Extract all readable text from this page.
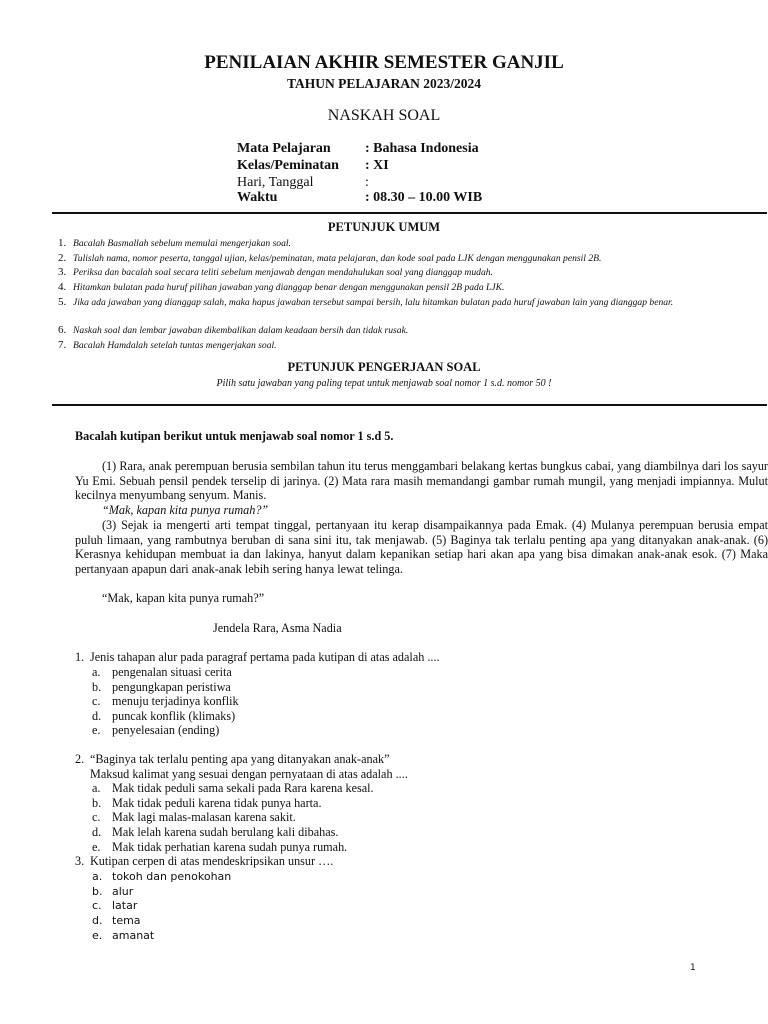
PENILAIAN AKHIR SEMESTER GANJIL
TAHUN PELAJARAN 2023/2024
NASKAH SOAL
Mata Pelajaran : Bahasa Indonesia
Kelas/Peminatan : XI
Hari, Tanggal	:
Waktu	: 08.30 – 10.00 WIB
PETUNJUK UMUM
1. Bacalah Basmallah sebelum memulai mengerjakan soal.
2. Tulislah nama, nomor peserta, tanggal ujian, kelas/peminatan, mata pelajaran, dan kode soal pada LJK dengan menggunakan pensil 2B.
3. Periksa dan bacalah soal secara teliti sebelum menjawab dengan mendahulukan soal yang dianggap mudah.
4. Hitamkan bulatan pada huruf pilihan jawaban yang dianggap benar dengan menggunakan pensil 2B pada LJK.
5. Jika ada jawaban yang dianggap salah, maka hapus jawaban tersebut sampai bersih, lalu hitamkan bulatan pada huruf jawaban lain yang dianggap benar.
6. Naskah soal dan lembar jawaban dikembalikan dalam keadaan bersih dan tidak rusak.
7. Bacalah Hamdalah setelah tuntas mengerjakan soal.
PETUNJUK PENGERJAAN SOAL
Pilih satu jawaban yang paling tepat untuk menjawab soal nomor 1 s.d. nomor 50 !
Bacalah kutipan berikut untuk menjawab soal nomor 1 s.d 5.
(1) Rara, anak perempuan berusia sembilan tahun itu terus menggambari belakang kertas bungkus cabai, yang diambilnya dari los sayur Yu Emi. Sebuah pensil pendek terselip di jarinya. (2) Mata rara masih memandangi gambar rumah mungil, yang menjadi impiannya. Mulut kecilnya menyumbang senyum. Manis.
“Mak, kapan kita punya rumah?”
(3) Sejak ia mengerti arti tempat tinggal, pertanyaan itu kerap disampaikannya pada Emak. (4) Mulanya perempuan berusia empat puluh limaan, yang rambutnya beruban di sana sini itu, tak menjawab. (5) Baginya tak terlalu penting apa yang ditanyakan anak-anak. (6) Kerasnya kehidupan membuat ia dan lakinya, hanyut dalam kepanikan setiap hari akan apa yang bisa dimakan anak-anak esok. (7) Maka pertanyaan apapun dari anak-anak lebih sering hanya lewat telinga.
“Mak, kapan kita punya rumah?”
Jendela Rara, Asma Nadia
1. Jenis tahapan alur pada paragraf pertama pada kutipan di atas adalah ....
a. pengenalan situasi cerita
b. pengungkapan peristiwa
c. menuju terjadinya konflik
d. puncak konflik (klimaks)
e. penyelesaian (ending)
2. “Baginya tak terlalu penting apa yang ditanyakan anak-anak”
Maksud kalimat yang sesuai dengan pernyataan di atas adalah ....
a. Mak tidak peduli sama sekali pada Rara karena kesal.
b. Mak tidak peduli karena tidak punya harta.
c. Mak lagi malas-malasan karena sakit.
d. Mak lelah karena sudah berulang kali dibahas.
e. Mak tidak perhatian karena sudah punya rumah.
3. Kutipan cerpen di atas mendeskripsikan unsur ….
a. tokoh dan penokohan
b. alur
c. latar
d. tema
e. amanat
1
